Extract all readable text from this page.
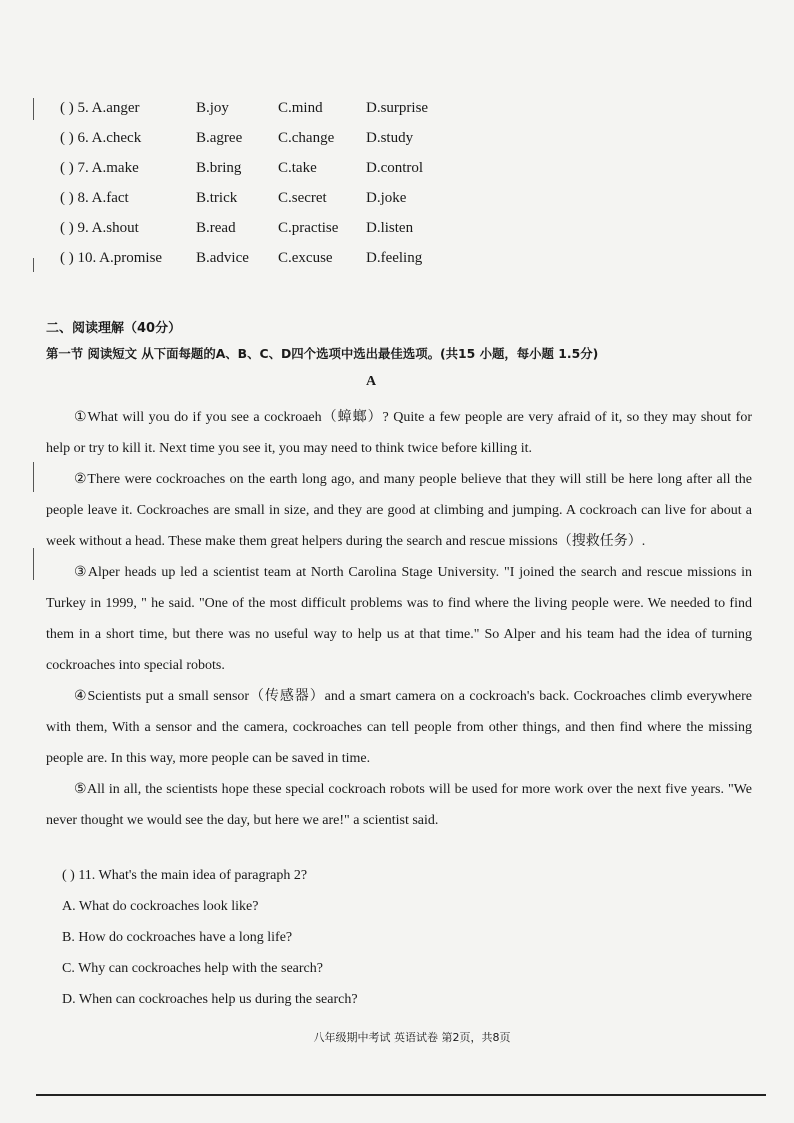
( ) 5. A.anger	B.joy	C.mind	D.surprise
( ) 6. A.check	B.agree C.change D.study
( ) 7. A.make	B.bring C.take	D.control
( ) 8. A.fact	B.trick	C.secret	D.joke
( ) 9. A.shout	B.read	C.practise D.listen
( ) 10. A.promise B.advice C.excuse D.feeling
二、阅读理解（40分）
第一节 阅读短文 从下面每题的A、B、C、D四个选项中选出最佳选项。(共15 小题，每小题 1.5分)
A

①What will you do if you see a cockroaeh（蟑螂）? Quite a few people are very afraid of it, so they may shout for help or try to kill it. Next time you see it, you may need to think twice before killing it.

②There were cockroaches on the earth long ago, and many people believe that they will still be here long after all the people leave it. Cockroaches are small in size, and they are good at climbing and jumping. A cockroach can live for about a week without a head. These make them great helpers during the search and rescue missions（搜救任务）.

③Alper heads up led a scientist team at North Carolina Stage University. "I joined the search and rescue missions in Turkey in 1999, " he said. "One of the most difficult problems was to find where the living people were. We needed to find them in a short time, but there was no useful way to help us at that time." So Alper and his team had the idea of turning cockroaches into special robots.

④Scientists put a small sensor（传感器）and a smart camera on a cockroach's back. Cockroaches climb everywhere with them, With a sensor and the camera, cockroaches can tell people from other things, and then find where the missing people are. In this way, more people can be saved in time.

⑤All in all, the scientists hope these special cockroach robots will be used for more work over the next five years. "We never thought we would see the day, but here we are!" a scientist said.

( ) 11. What's the main idea of paragraph 2?
A. What do cockroaches look like?
B. How do cockroaches have a long life?
C. Why can cockroaches help with the search?
D. When can cockroaches help us during the search?
八年级期中考试 英语试卷 第2页，共8页
